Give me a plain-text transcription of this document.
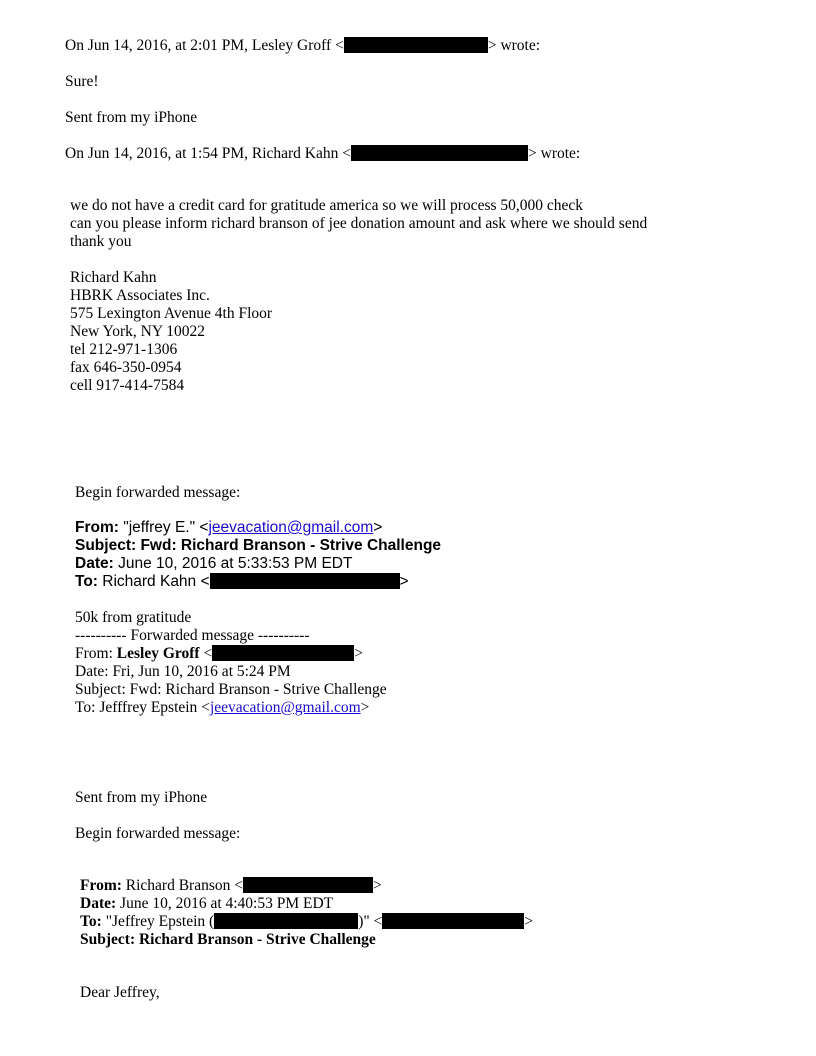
On Jun 14, 2016, at 2:01 PM, Lesley Groff <	> wrote:
Sure!
Sent from my iPhone
On Jun 14, 2016, at 1:54 PM, Richard Kahn <	> wrote:
we do not have a credit card for gratitude america so we will process 50,000 check
can you please inform richard branson of jee donation amount and ask where we should send
thank you
Richard Kahn
HBRK Associates Inc.
575 Lexington Avenue 4th Floor
New York, NY 10022
tel 212-971-1306
fax 646-350-0954
cell 917-414-7584
Begin forwarded message:
From: "jeffrey E." <jeevacation@gmail.com>
Subject: Fwd: Richard Branson - Strive Challenge
Date: June 10, 2016 at 5:33:53 PM EDT
To: Richard Kahn <	>
50k from gratitude
---------- Forwarded message ----------
From: Lesley Groff <	>
Date: Fri, Jun 10, 2016 at 5:24 PM
Subject: Fwd: Richard Branson - Strive Challenge
To: Jefffrey Epstein <jeevacation@gmail.com>
Sent from my iPhone
Begin forwarded message:
From: Richard Branson <	>
Date: June 10, 2016 at 4:40:53 PM EDT
To: "Jeffrey Epstein (	)" <	>
Subject: Richard Branson - Strive Challenge
Dear Jeffrey,
